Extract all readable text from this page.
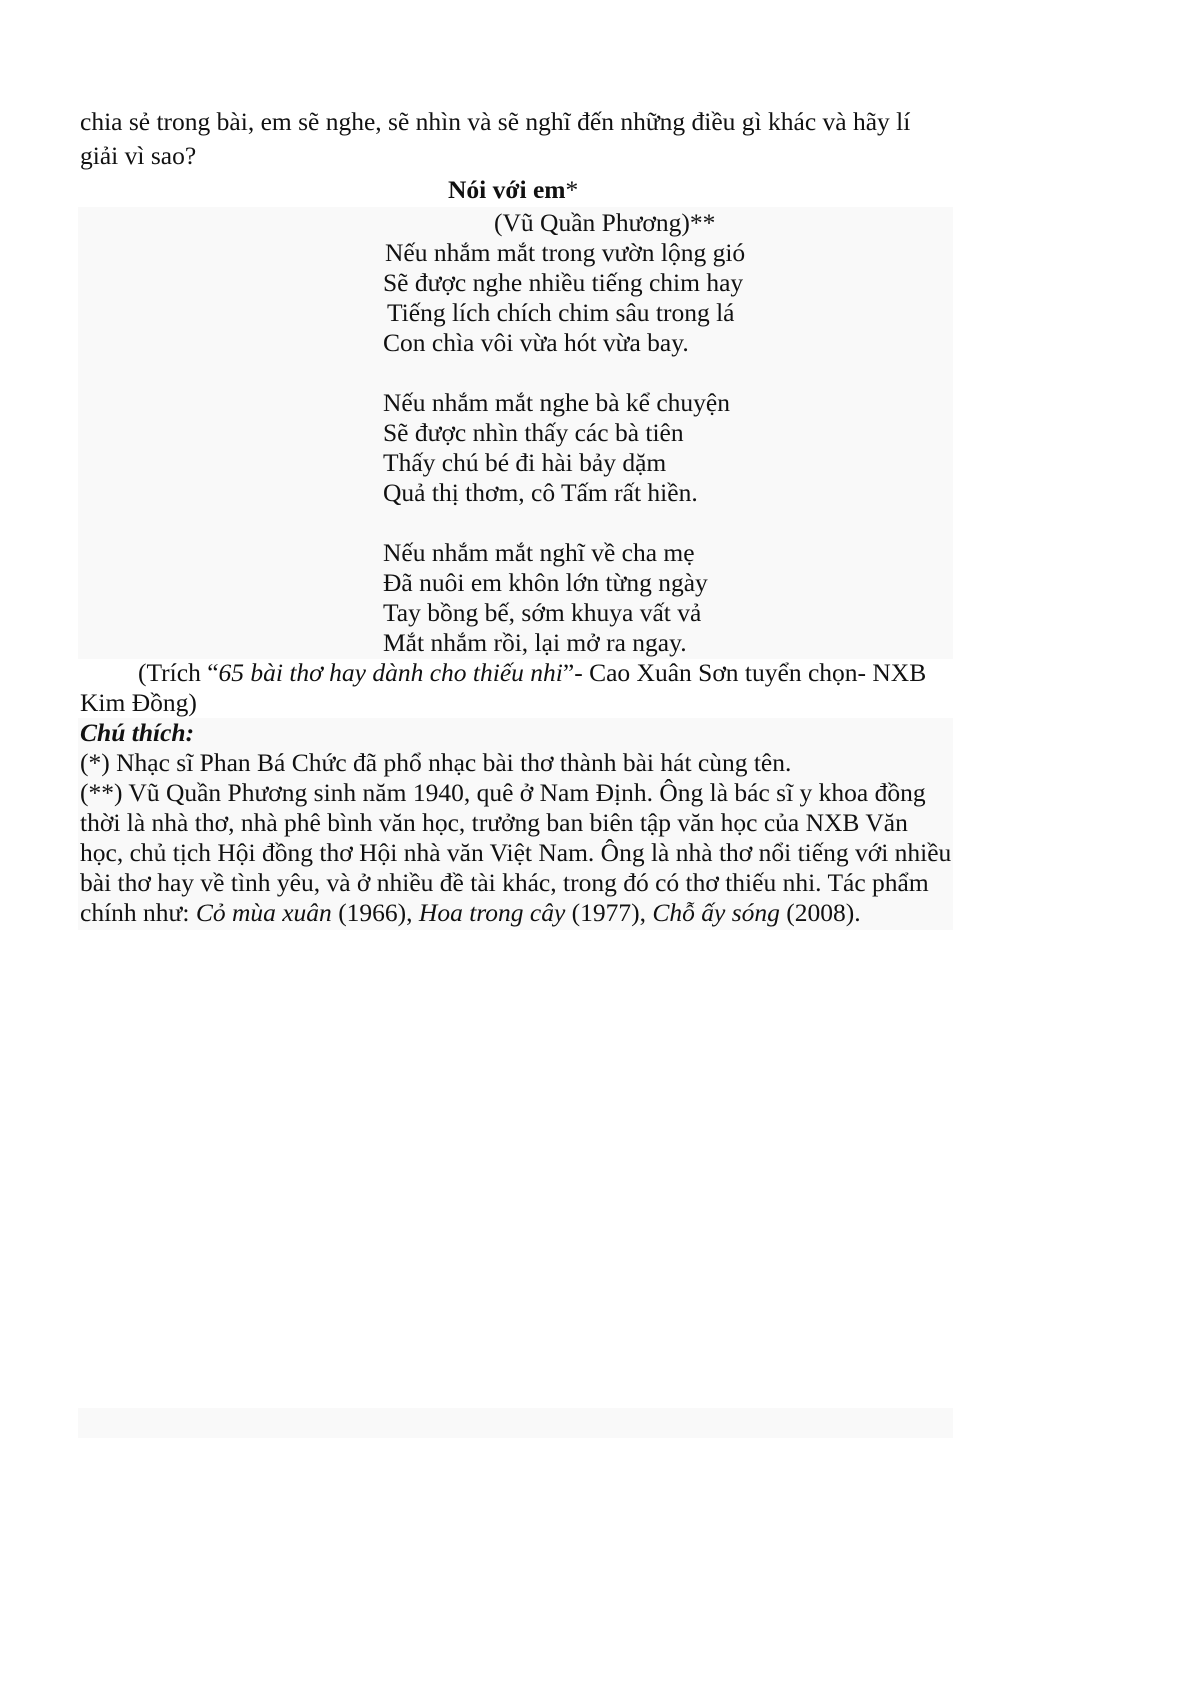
chia sẻ trong bài, em sẽ nghe, sẽ nhìn và sẽ nghĩ đến những điều gì khác và hãy lí
giải vì sao?
Nói với em*
(Vũ Quần Phương)**
Nếu nhắm mắt trong vườn lộng gió
Sẽ được nghe nhiều tiếng chim hay
Tiếng lích chích chim sâu trong lá
Con chìa vôi vừa hót vừa bay.
Nếu nhắm mắt nghe bà kể chuyện
Sẽ được nhìn thấy các bà tiên
Thấy chú bé đi hài bảy dặm
Quả thị thơm, cô Tấm rất hiền.
Nếu nhắm mắt nghĩ về cha mẹ
Đã nuôi em khôn lớn từng ngày
Tay bồng bế, sớm khuya vất vả
Mắt nhắm rồi, lại mở ra ngay.
(Trích “65 bài thơ hay dành cho thiếu nhi”- Cao Xuân Sơn tuyển chọn- NXB
Kim Đồng)
Chú thích:
(*) Nhạc sĩ Phan Bá Chức đã phổ nhạc bài thơ thành bài hát cùng tên.
(**) Vũ Quần Phương sinh năm 1940, quê ở Nam Định. Ông là bác sĩ y khoa đồng
thời là nhà thơ, nhà phê bình văn học, trưởng ban biên tập văn học của NXB Văn
học, chủ tịch Hội đồng thơ Hội nhà văn Việt Nam. Ông là nhà thơ nổi tiếng với nhiều
bài thơ hay về tình yêu, và ở nhiều đề tài khác, trong đó có thơ thiếu nhi. Tác phẩm
chính như: Cỏ mùa xuân (1966), Hoa trong cây (1977), Chỗ ấy sóng (2008).
